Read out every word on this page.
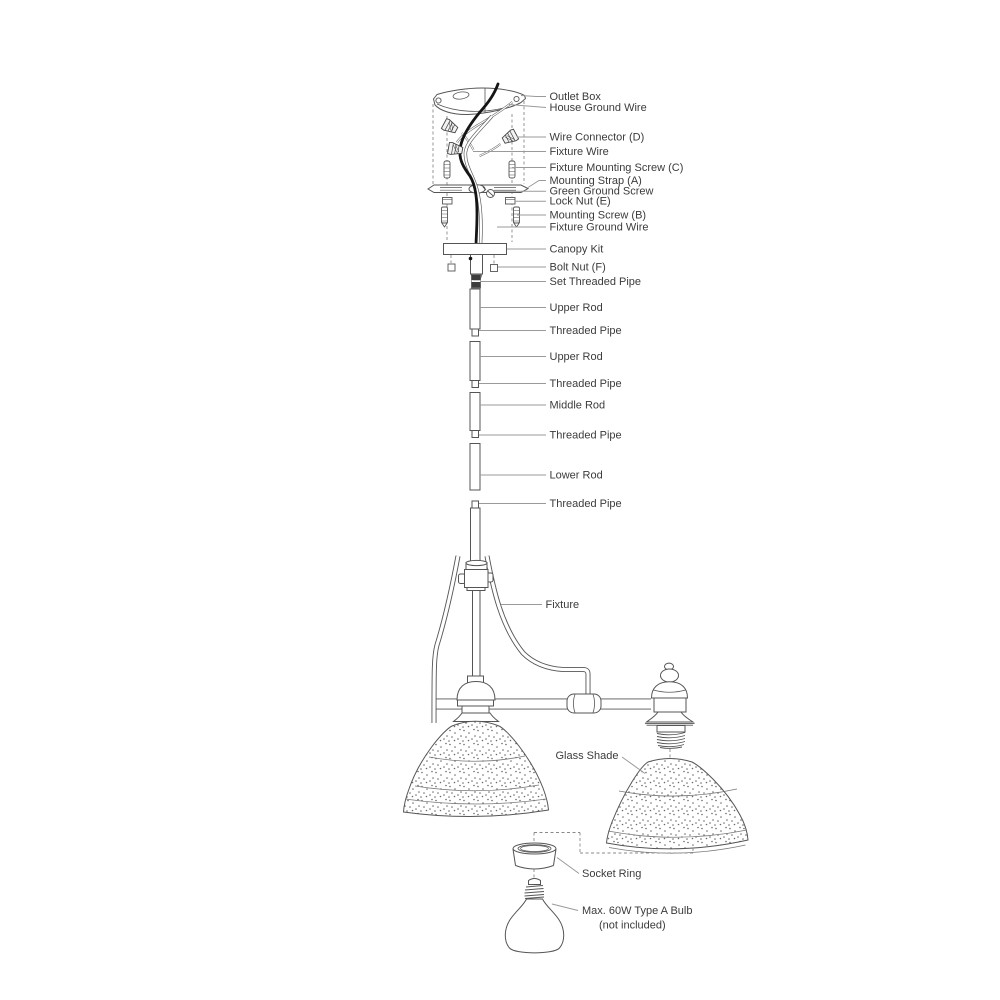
Outlet Box
House Ground Wire
Wire Connector (D)
Fixture Wire
Fixture Mounting Screw (C)
Mounting Strap (A)
Green Ground Screw
Lock Nut (E)
Mounting Screw (B)
Fixture Ground Wire
Canopy Kit
Bolt Nut (F)
Set Threaded Pipe
Upper Rod
Threaded Pipe
Upper Rod
Threaded Pipe
Middle Rod
Threaded Pipe
Lower Rod
Threaded Pipe
Fixture
Glass Shade
Socket Ring
Max. 60W Type A Bulb
(not included)
